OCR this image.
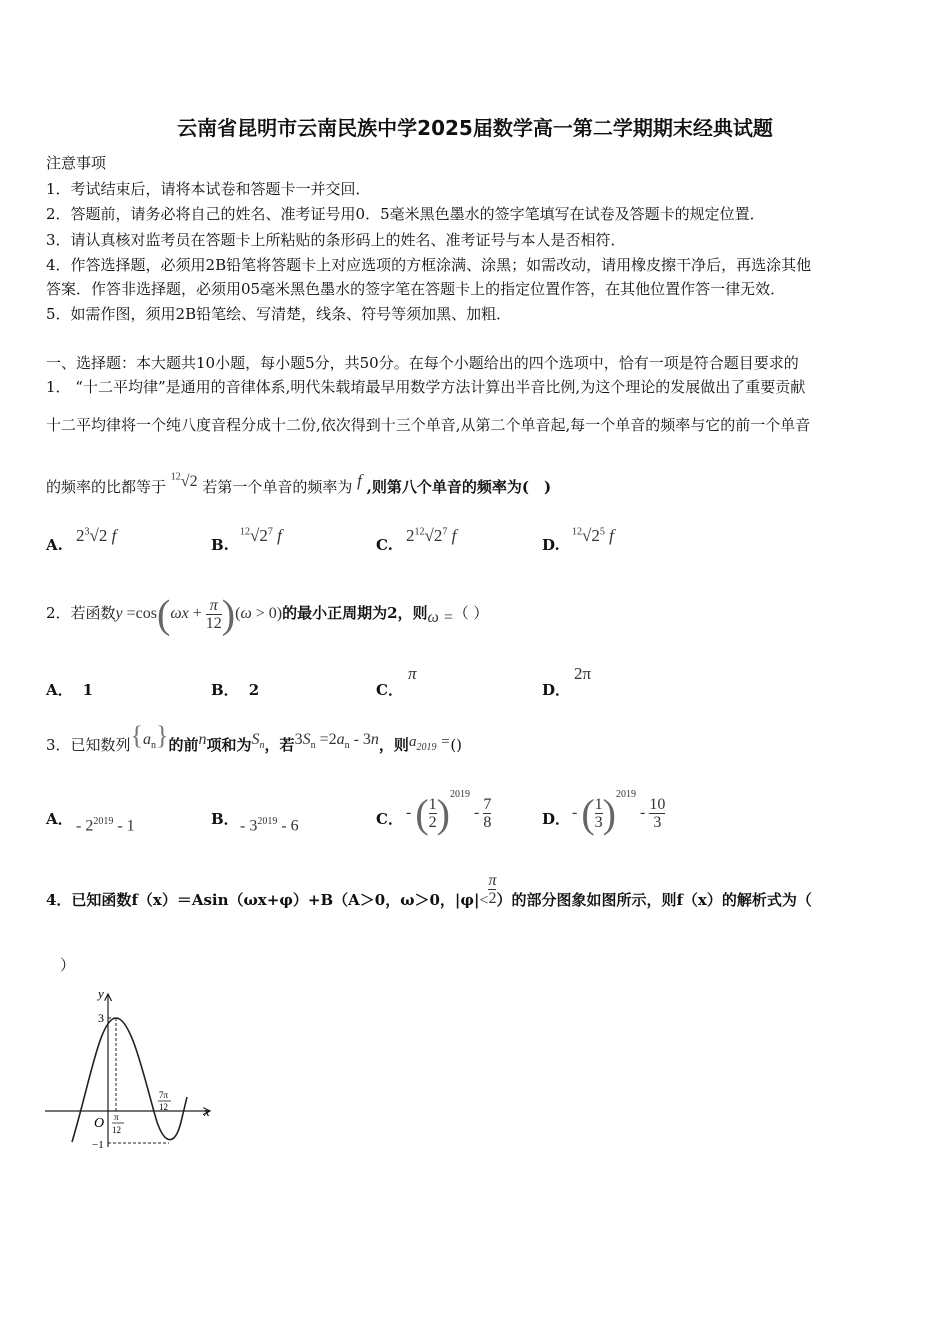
云南省昆明市云南民族中学2025届数学高一第二学期期末经典试题
注意事项
1．考试结束后，请将本试卷和答题卡一并交回．
2．答题前，请务必将自己的姓名、准考证号用0．5毫米黑色墨水的签字笔填写在试卷及答题卡的规定位置．
3．请认真核对监考员在答题卡上所粘贴的条形码上的姓名、准考证号与本人是否相符．
4．作答选择题，必须用2B铅笔将答题卡上对应选项的方框涂满、涂黑；如需改动，请用橡皮擦干净后，再选涂其他
答案．作答非选择题，必须用05毫米黑色墨水的签字笔在答题卡上的指定位置作答，在其他位置作答一律无效．
5．如需作图，须用2B铅笔绘、写清楚，线条、符号等须加黑、加粗．
一、选择题：本大题共10小题，每小题5分，共50分。在每个小题给出的四个选项中，恰有一项是符合题目要求的
1． “十二平均律”是通用的音律体系,明代朱载堉最早用数学方法计算出半音比例,为这个理论的发展做出了重要贡献
十二平均律将一个纯八度音程分成十二份,依次得到十三个单音,从第二个单音起,每一个单音的频率与它的前一个单音
的频率的比都等于 $^{12}$√2 若第一个单音的频率为 f ,则第八个单音的频率为(　)
A. $2^3√2$ f	B.
$^{12}√2^7$ f	C. $2^{12}√2^7$ f	D.
$^{12}√2^5$ f
2．若函数$y =\cos(\omega x + \frac{\pi}{12} )(\omega > 0)$的最小正周期为2，则ω =（ ）
A． 1	B． 2	C．
π
D．
2π
3．已知数列$\{a_n\}$的前n项和为$S_n$，若$3S_n =2a_n - 3n$，则$a_{2019}$ =()
A． - $2^{2019} - 1$	B． - $3^{2019} - 6$	C． - ( $\frac{1}{2} )^{2019} - \frac{7}{8}$	D． - ( $\frac{1}{3} )^{2019} - \frac{10}{3}$
4．已知函数f（x）＝Asin（ωx+φ）+B（A＞0，ω＞0，$|\varphi|< \frac{\pi}{2}$ ）的部分图象如图所示，则f（x）的解析式为（
）
y
x
O
3
−1
π
12
7π
12
